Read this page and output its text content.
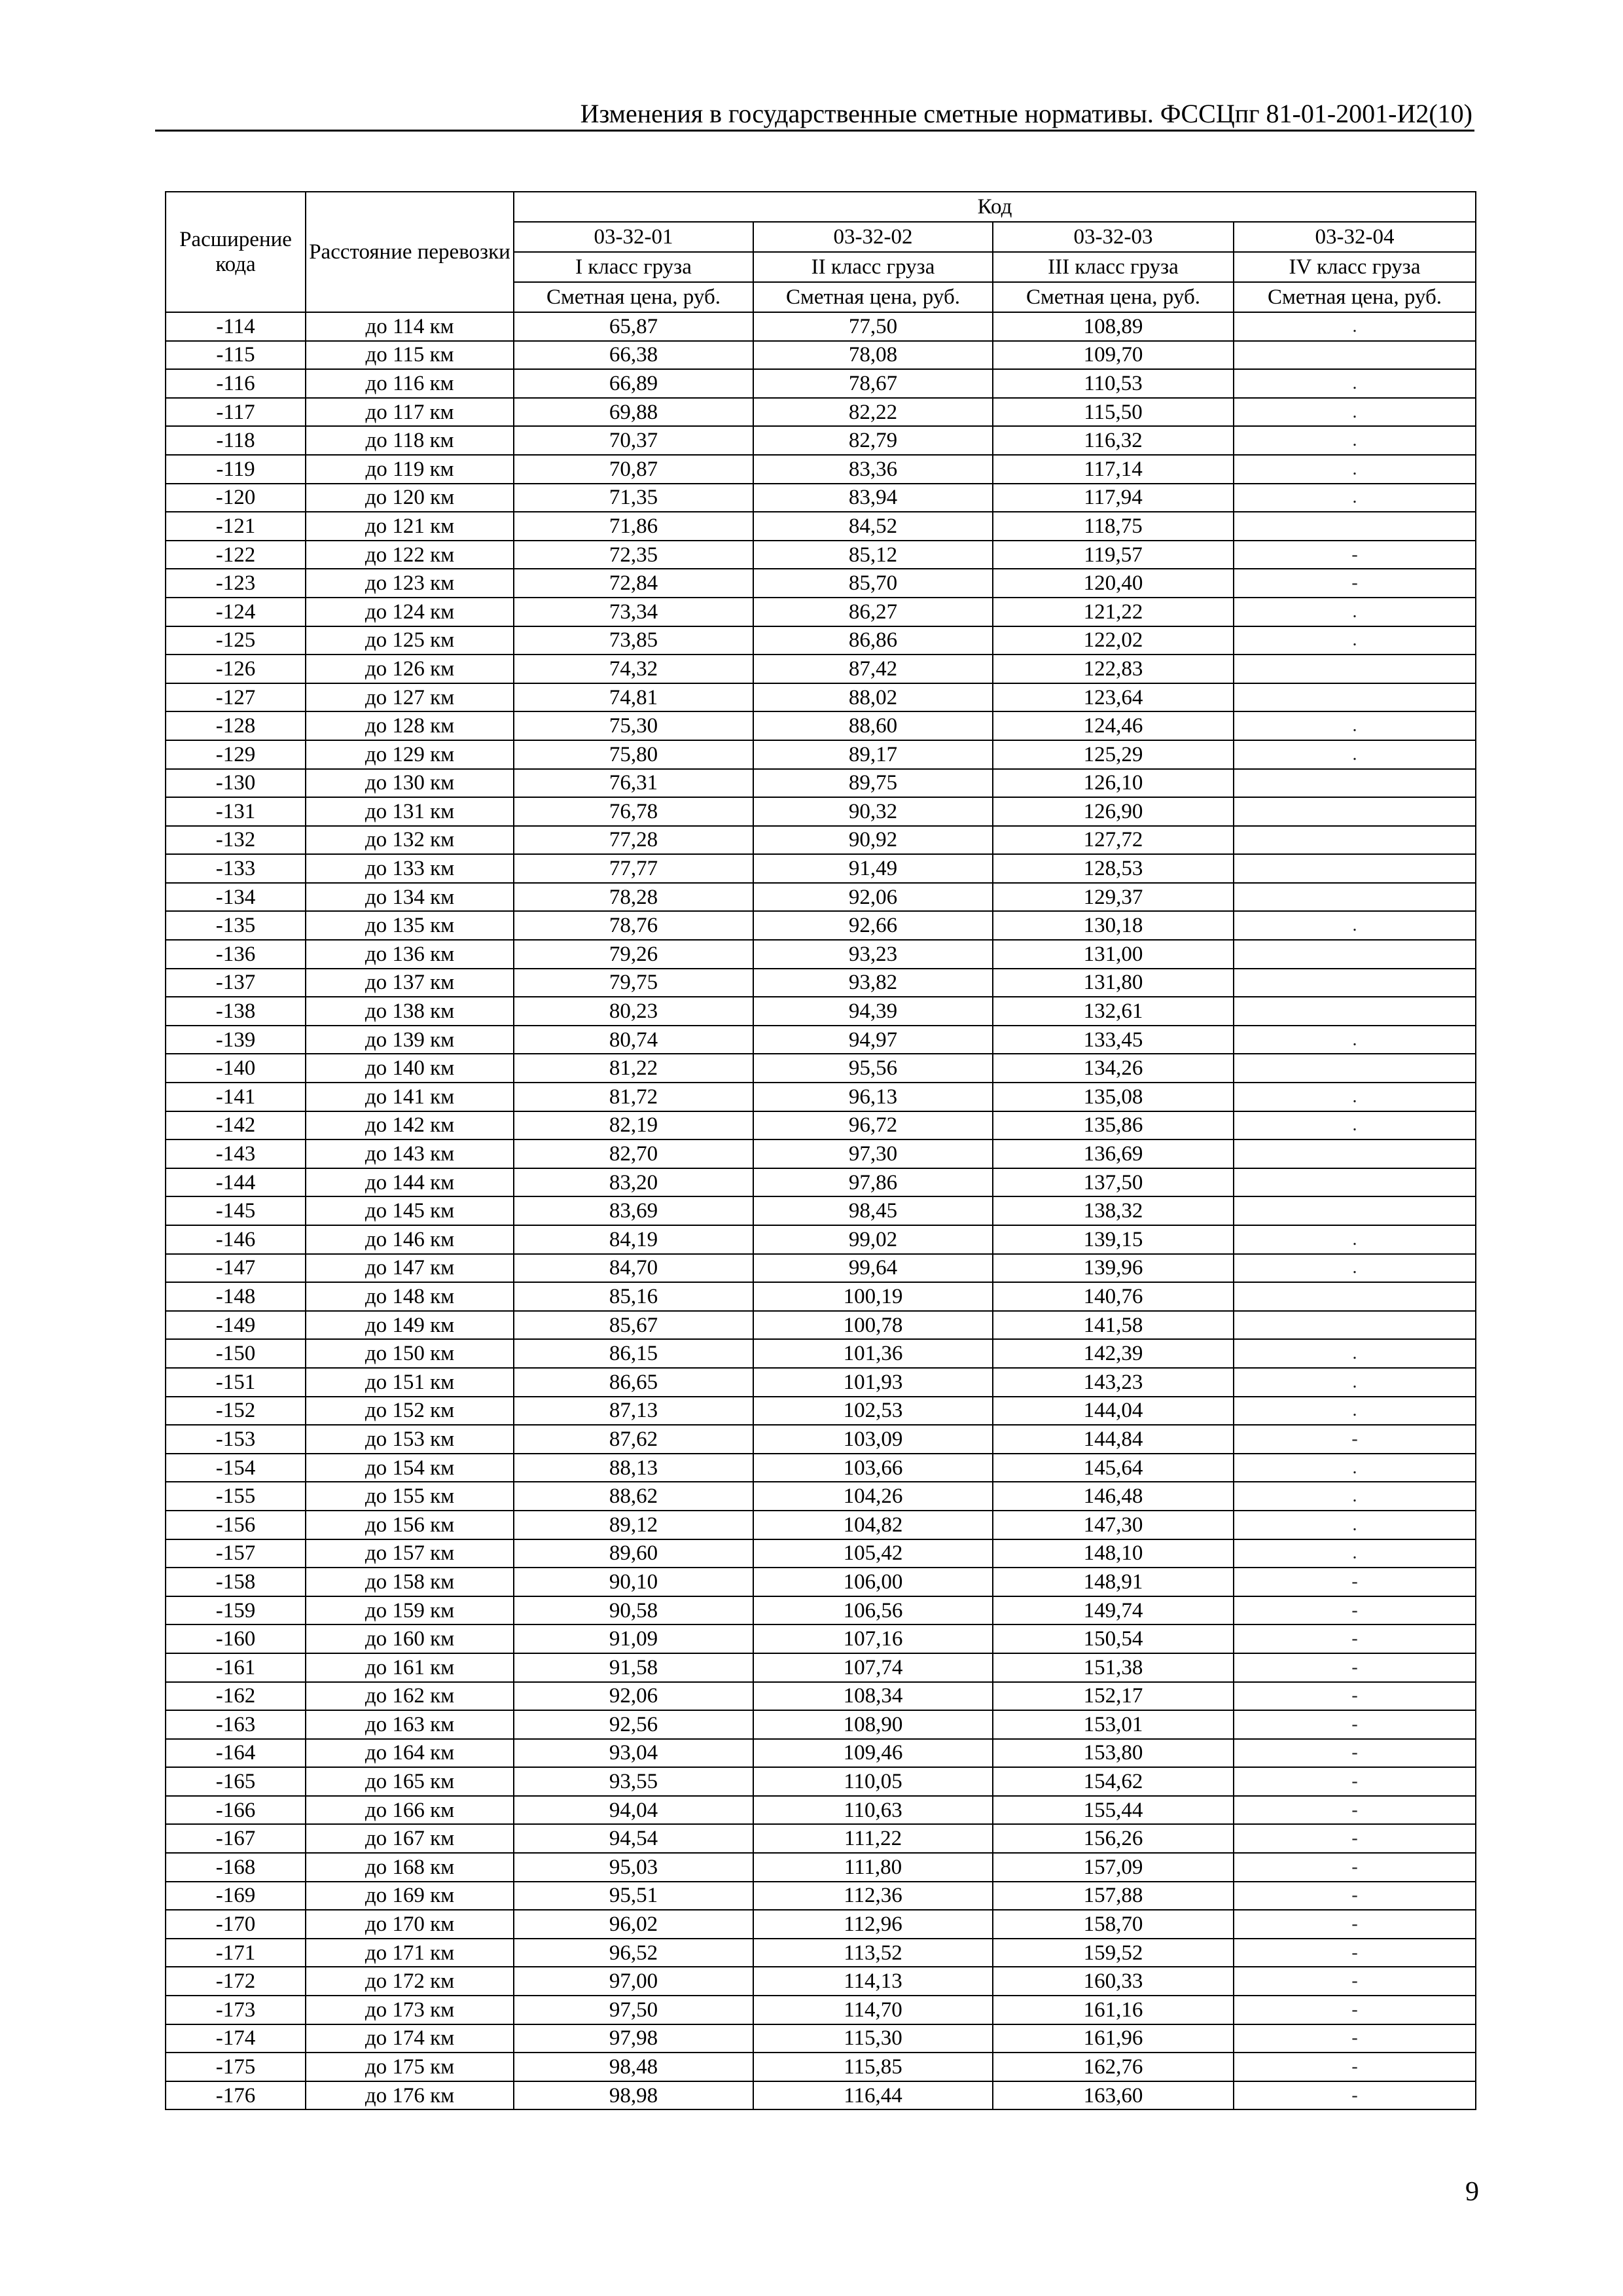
Изменения в государственные сметные нормативы. ФССЦпг 81-01-2001-И2(10)
Расширение кода	Расстояние перевозки	Код			
		03-32-01	03-32-02	03-32-03	03-32-04
		I класс груза	II класс груза	III класс груза	IV класс груза
		Сметная цена, руб.	Сметная цена, руб.	Сметная цена, руб.	Сметная цена, руб.
-114	до 114 км	65,87	77,50	108,89	.
-115	до 115 км	66,38	78,08	109,70	
-116	до 116 км	66,89	78,67	110,53	.
-117	до 117 км	69,88	82,22	115,50	.
-118	до 118 км	70,37	82,79	116,32	.
-119	до 119 км	70,87	83,36	117,14	.
-120	до 120 км	71,35	83,94	117,94	.
-121	до 121 км	71,86	84,52	118,75	
-122	до 122 км	72,35	85,12	119,57	-
-123	до 123 км	72,84	85,70	120,40	-
-124	до 124 км	73,34	86,27	121,22	.
-125	до 125 км	73,85	86,86	122,02	.
-126	до 126 км	74,32	87,42	122,83	
-127	до 127 км	74,81	88,02	123,64	
-128	до 128 км	75,30	88,60	124,46	.
-129	до 129 км	75,80	89,17	125,29	.
-130	до 130 км	76,31	89,75	126,10	
-131	до 131 км	76,78	90,32	126,90	
-132	до 132 км	77,28	90,92	127,72	
-133	до 133 км	77,77	91,49	128,53	
-134	до 134 км	78,28	92,06	129,37	
-135	до 135 км	78,76	92,66	130,18	.
-136	до 136 км	79,26	93,23	131,00	
-137	до 137 км	79,75	93,82	131,80	
-138	до 138 км	80,23	94,39	132,61	
-139	до 139 км	80,74	94,97	133,45	.
-140	до 140 км	81,22	95,56	134,26	
-141	до 141 км	81,72	96,13	135,08	.
-142	до 142 км	82,19	96,72	135,86	.
-143	до 143 км	82,70	97,30	136,69	
-144	до 144 км	83,20	97,86	137,50	
-145	до 145 км	83,69	98,45	138,32	
-146	до 146 км	84,19	99,02	139,15	.
-147	до 147 км	84,70	99,64	139,96	.
-148	до 148 км	85,16	100,19	140,76	
-149	до 149 км	85,67	100,78	141,58	
-150	до 150 км	86,15	101,36	142,39	.
-151	до 151 км	86,65	101,93	143,23	.
-152	до 152 км	87,13	102,53	144,04	.
-153	до 153 км	87,62	103,09	144,84	-
-154	до 154 км	88,13	103,66	145,64	.
-155	до 155 км	88,62	104,26	146,48	.
-156	до 156 км	89,12	104,82	147,30	.
-157	до 157 км	89,60	105,42	148,10	.
-158	до 158 км	90,10	106,00	148,91	-
-159	до 159 км	90,58	106,56	149,74	-
-160	до 160 км	91,09	107,16	150,54	-
-161	до 161 км	91,58	107,74	151,38	-
-162	до 162 км	92,06	108,34	152,17	-
-163	до 163 км	92,56	108,90	153,01	-
-164	до 164 км	93,04	109,46	153,80	-
-165	до 165 км	93,55	110,05	154,62	-
-166	до 166 км	94,04	110,63	155,44	-
-167	до 167 км	94,54	111,22	156,26	-
-168	до 168 км	95,03	111,80	157,09	-
-169	до 169 км	95,51	112,36	157,88	-
-170	до 170 км	96,02	112,96	158,70	-
-171	до 171 км	96,52	113,52	159,52	-
-172	до 172 км	97,00	114,13	160,33	-
-173	до 173 км	97,50	114,70	161,16	-
-174	до 174 км	97,98	115,30	161,96	-
-175	до 175 км	98,48	115,85	162,76	-
-176	до 176 км	98,98	116,44	163,60	-
9
